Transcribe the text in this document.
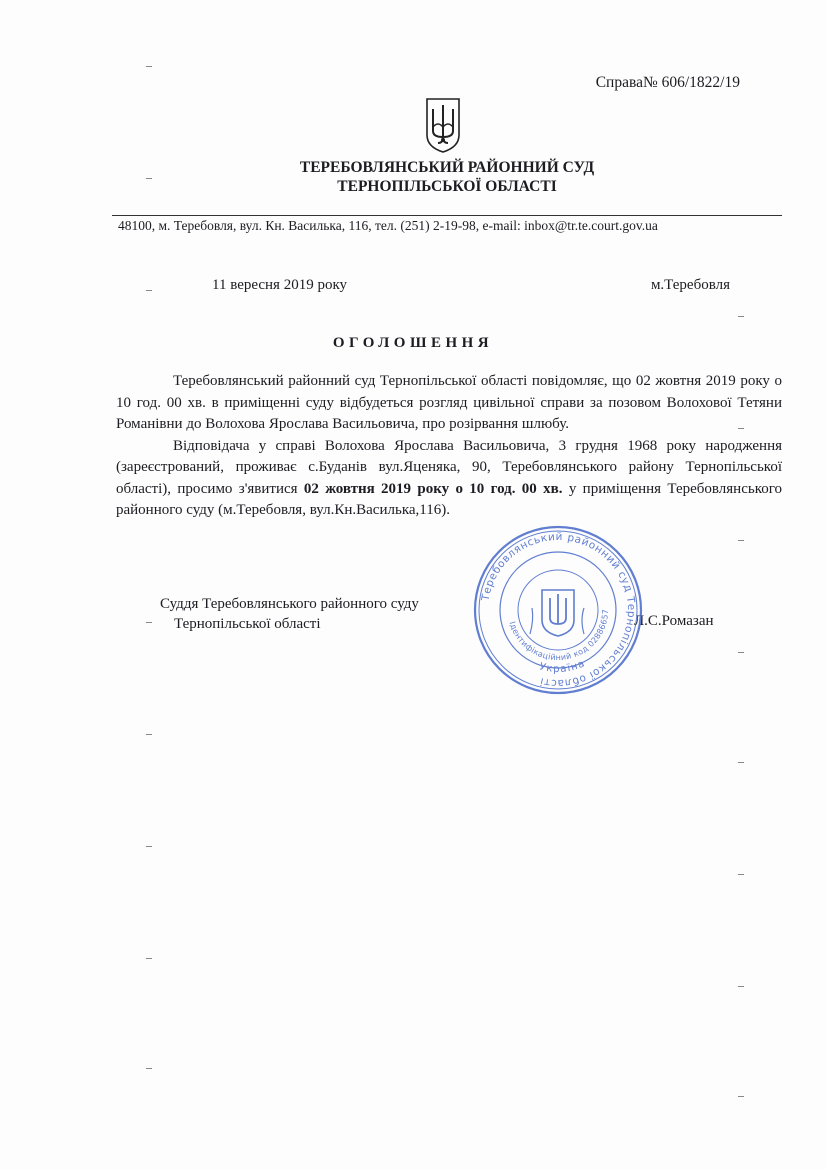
Справа№ 606/1822/19
ТЕРЕБОВЛЯНСЬКИЙ РАЙОННИЙ СУД
ТЕРНОПІЛЬСЬКОЇ ОБЛАСТІ
48100, м. Теребовля, вул. Кн. Василька, 116, тел. (251) 2-19-98, e-mail: inbox@tr.te.court.gov.ua
11 вересня 2019 року	м.Теребовля
ОГОЛОШЕННЯ

Теребовлянський районний суд Тернопільської області повідомляє, що 02 жовтня 2019 року о 10 год. 00 хв. в приміщенні суду відбудеться розгляд цивільної справи за позовом Волохової Тетяни Романівни до Волохова Ярослава Васильовича, про розірвання шлюбу.

Відповідача у справі Волохова Ярослава Васильовича, 3 грудня 1968 року народження (зареєстрований, проживає с.Буданів вул.Яценяка, 90, Теребовлянського району Тернопільської області), просимо з'явитися 02 жовтня 2019 року о 10 год. 00 хв. у приміщення Теребовлянського районного суду (м.Теребовля, вул.Кн.Василька,116).

Суддя Теребовлянського районного суду
Тернопільської області	Л.С.Ромазан
Теребовлянський районний суд Тернопільської області
Ідентифікаційний код 02886657
Україна
